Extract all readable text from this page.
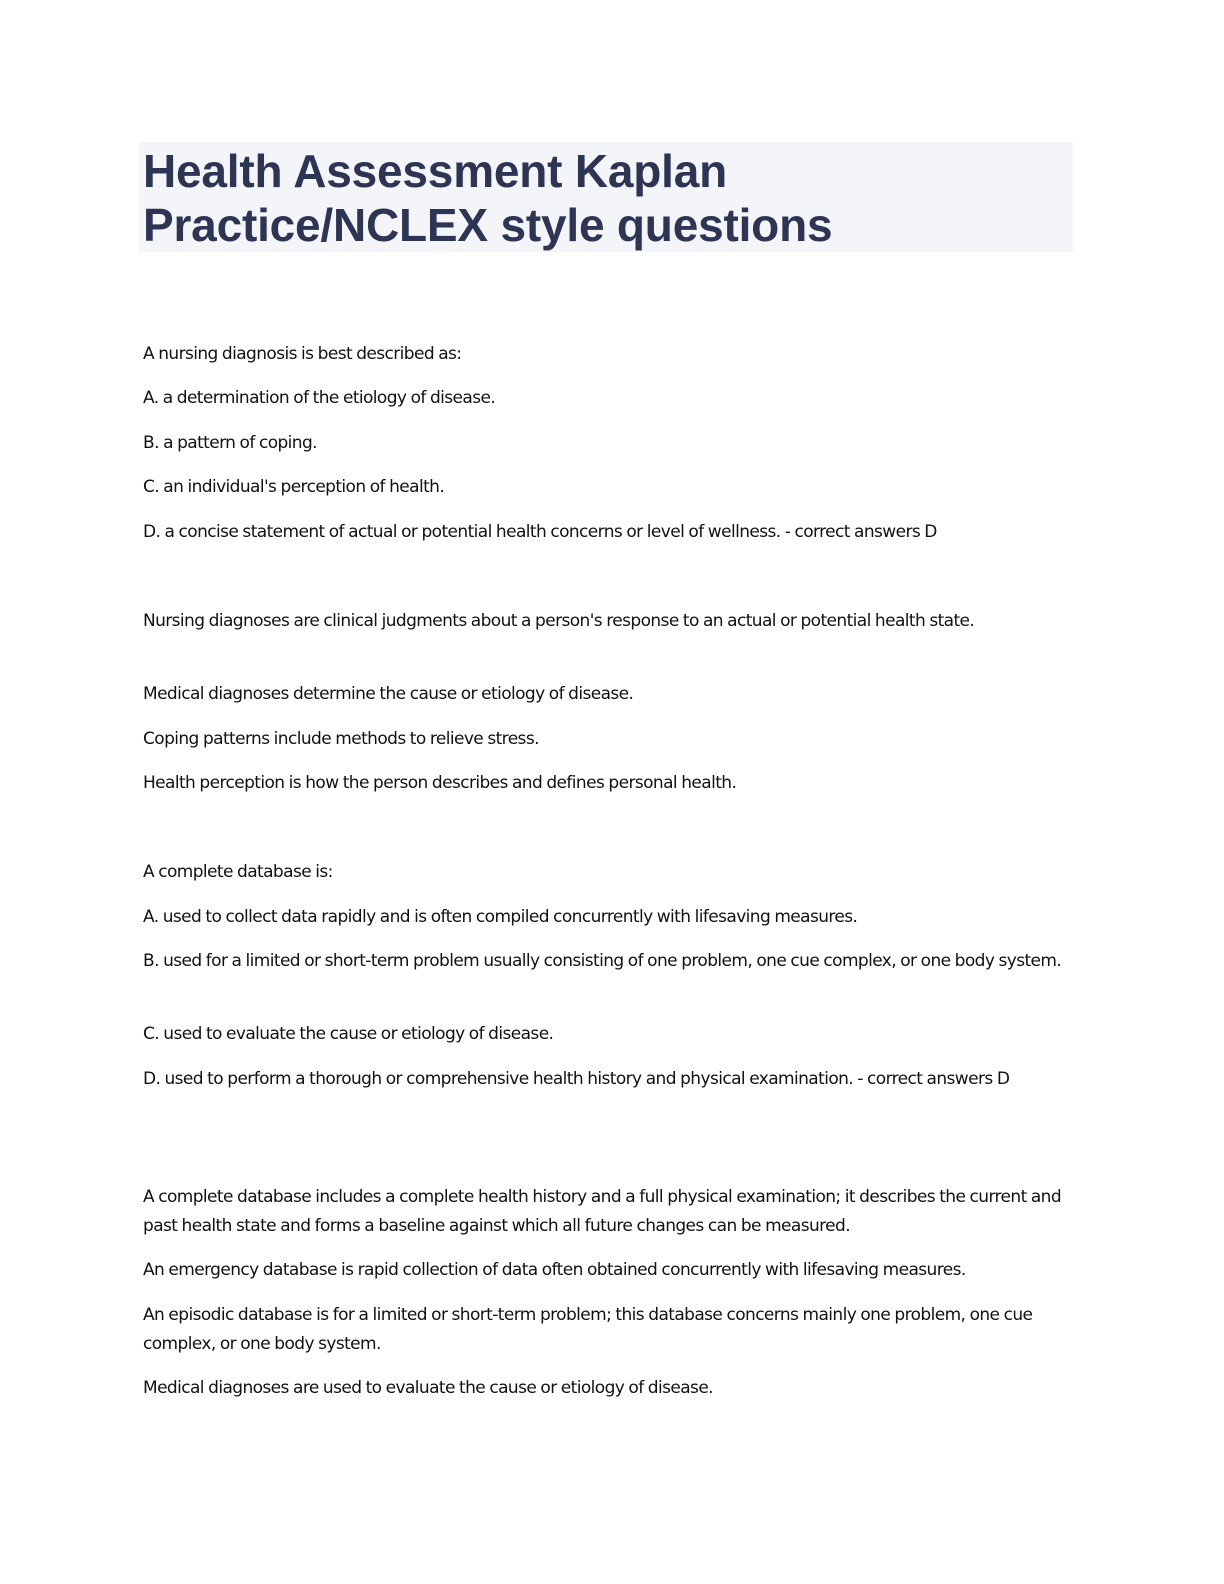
Health Assessment Kaplan
Practice/NCLEX style questions
A nursing diagnosis is best described as:
A. a determination of the etiology of disease.
B. a pattern of coping.
C. an individual's perception of health.
D. a concise statement of actual or potential health concerns or level of wellness. - correct answers D
Nursing diagnoses are clinical judgments about a person's response to an actual or potential health state.
Medical diagnoses determine the cause or etiology of disease.
Coping patterns include methods to relieve stress.
Health perception is how the person describes and defines personal health.
A complete database is:
A. used to collect data rapidly and is often compiled concurrently with lifesaving measures.
B. used for a limited or short-term problem usually consisting of one problem, one cue complex, or one body system.
C. used to evaluate the cause or etiology of disease.
D. used to perform a thorough or comprehensive health history and physical examination. - correct answers D
A complete database includes a complete health history and a full physical examination; it describes the current and past health state and forms a baseline against which all future changes can be measured.
An emergency database is rapid collection of data often obtained concurrently with lifesaving measures.
An episodic database is for a limited or short-term problem; this database concerns mainly one problem, one cue complex, or one body system.
Medical diagnoses are used to evaluate the cause or etiology of disease.
